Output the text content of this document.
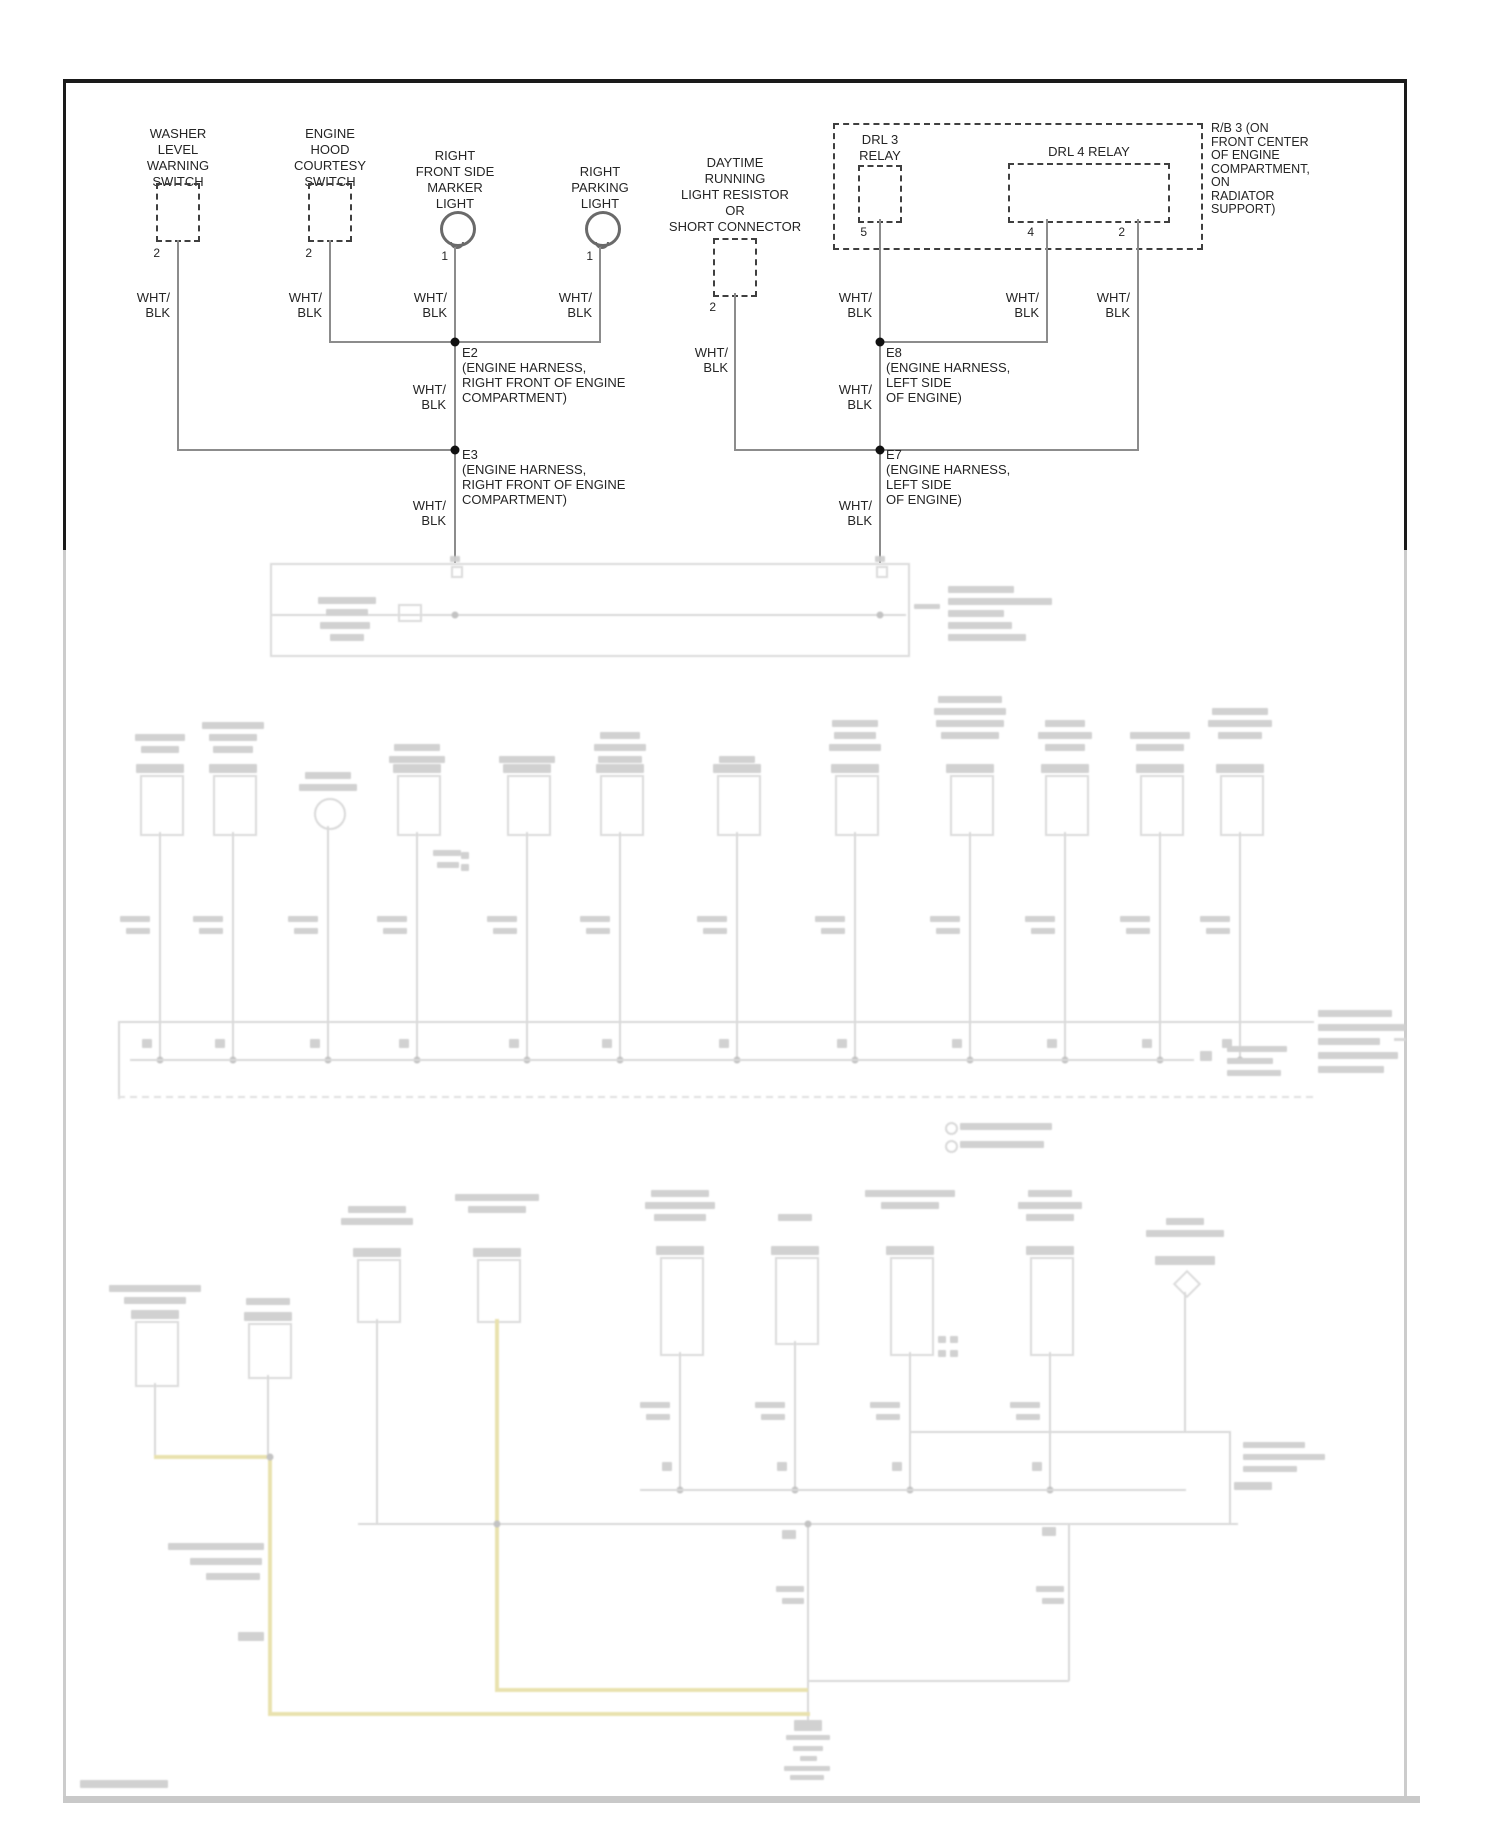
WASHER
LEVEL
WARNING
SWITCH
ENGINE
HOOD
COURTESY
SWITCH
RIGHT
FRONT SIDE
MARKER
LIGHT
RIGHT
PARKING
LIGHT
DAYTIME
RUNNING
LIGHT RESISTOR
OR
SHORT CONNECTOR
DRL 3
RELAY	DRL 4 RELAY
R/B 3 (ON
FRONT CENTER
OF ENGINE
COMPARTMENT,
ON
RADIATOR
SUPPORT)
2	2	1	1
2
5	4	2
E2
(ENGINE HARNESS,
RIGHT FRONT OF ENGINE
COMPARTMENT)
E3
(ENGINE HARNESS,
RIGHT FRONT OF ENGINE
COMPARTMENT)
E8
(ENGINE HARNESS,
LEFT SIDE
OF ENGINE)
E7
(ENGINE HARNESS,
LEFT SIDE
OF ENGINE)
WHT/
BLK
WHT/
BLK
WHT/
BLK
WHT/
BLK
WHT/
BLK
WHT/
BLK
WHT/
BLK
WHT/
BLK
WHT/
BLK
WHT/
BLK
WHT/
BLK
WHT/
BLK
